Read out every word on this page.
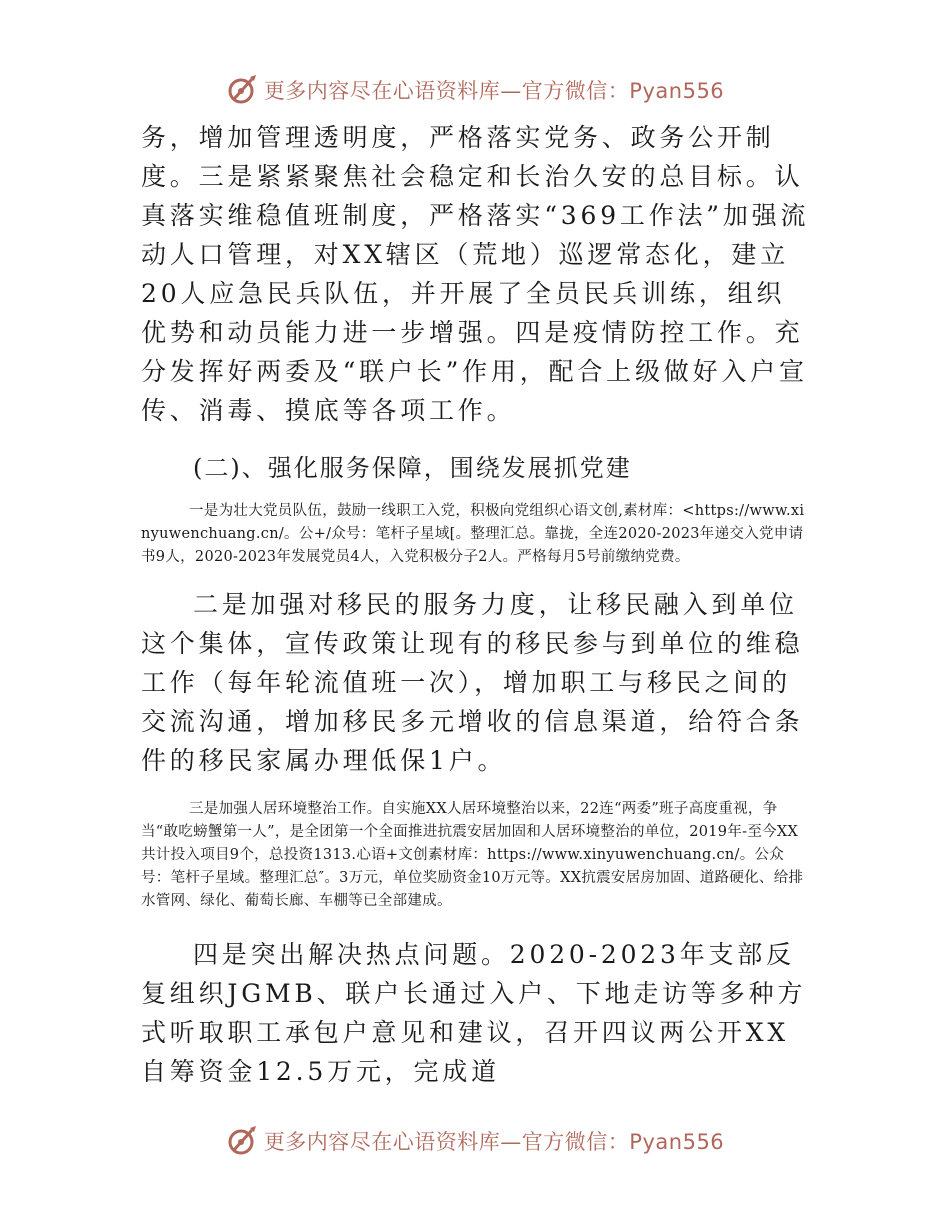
更多内容尽在心语资料库—官方微信：Pyan556

务，增加管理透明度，严格落实党务、政务公开制度。三是紧紧聚焦社会稳定和长治久安的总目标。认真落实维稳值班制度，严格落实“369工作法”加强流动人口管理，对XX辖区（荒地）巡逻常态化，建立20人应急民兵队伍，并开展了全员民兵训练，组织优势和动员能力进一步增强。四是疫情防控工作。充分发挥好两委及“联户长”作用，配合上级做好入户宣传、消毒、摸底等各项工作。

(二)、强化服务保障，围绕发展抓党建

一是为壮大党员队伍，鼓励一线职工入党，积极向党组织心语文创,素材库：<https://www.xinyuwenchuang.cn/。公+/众号：笔杆子星域[。整理汇总。靠拢，全连2020-2023年递交入党申请书9人，2020-2023年发展党员4人，入党积极分子2人。严格每月5号前缴纳党费。

二是加强对移民的服务力度，让移民融入到单位这个集体，宣传政策让现有的移民参与到单位的维稳工作（每年轮流值班一次），增加职工与移民之间的交流沟通，增加移民多元增收的信息渠道，给符合条件的移民家属办理低保1户。

三是加强人居环境整治工作。自实施XX人居环境整治以来，22连“两委”班子高度重视，争当“敢吃螃蟹第一人”，是全团第一个全面推进抗震安居加固和人居环境整治的单位，2019年-至今XX共计投入项目9个，总投资1313.心语+文创素材库：https://www.xinyuwenchuang.cn/。公众号：笔杆子星域。整理汇总″。3万元，单位奖励资金10万元等。XX抗震安居房加固、道路硬化、给排水管网、绿化、葡萄长廊、车棚等已全部建成。

四是突出解决热点问题。2020-2023年支部反复组织JGMB、联户长通过入户、下地走访等多种方式听取职工承包户意见和建议，召开四议两公开XX自筹资金12.5万元，完成道

更多内容尽在心语资料库—官方微信：Pyan556
